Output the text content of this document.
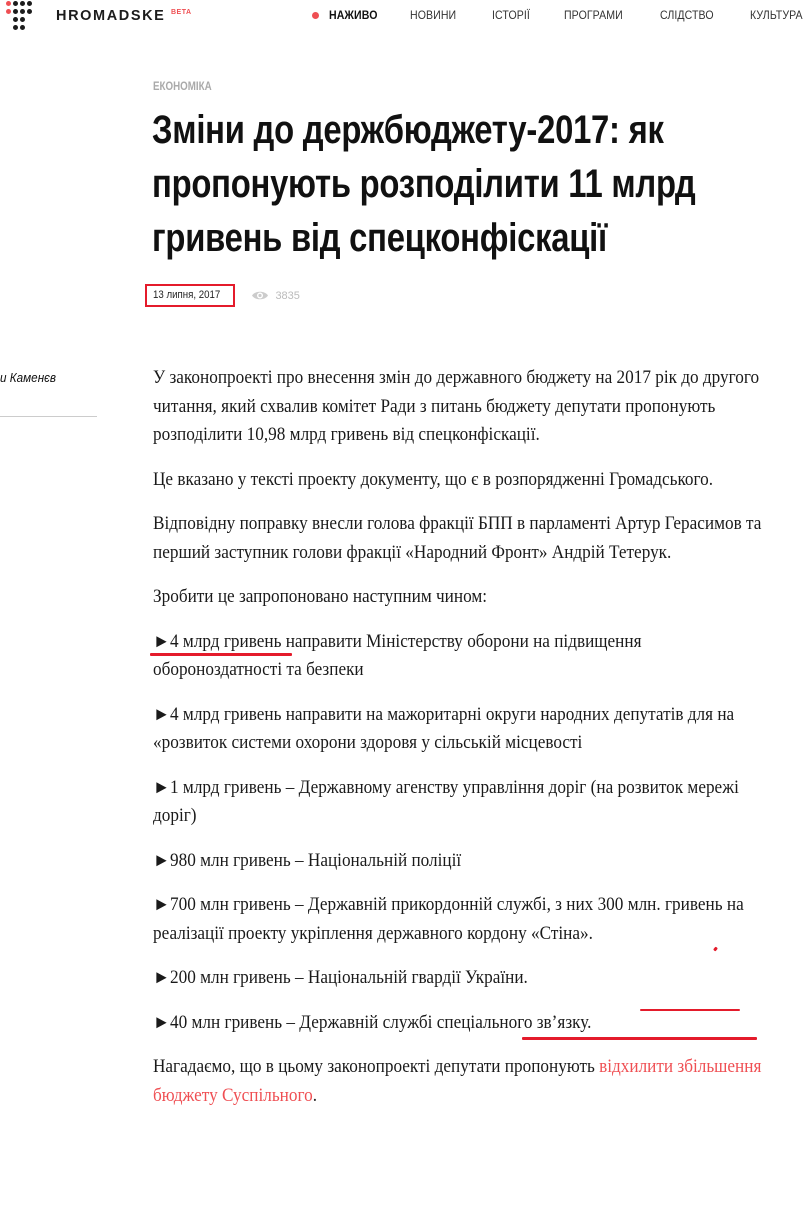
HROMADSKE BETA	НАЖИВО	НОВИНИ	ІСТОРІЇ	ПРОГРАМИ	СЛІДСТВО	КУЛЬТУРА
ЕКОНОМІКА
Зміни до держбюджету-2017: як пропонують розподілити 11 млрд гривень від спецконфіскації
13 липня, 2017	3835
и Каменєв	У законопроекті про внесення змін до державного бюджету на 2017 рік до другого читання, який схвалив комітет Ради з питань бюджету депутати пропонують розподілити 10,98 млрд гривень від спецконфіскації.

Це вказано у тексті проекту документу, що є в розпорядженні Громадського.

Відповідну поправку внесли голова фракції БПП в парламенті Артур Герасимов та перший заступник голови фракції «Народний Фронт» Андрій Тетерук.

Зробити це запропоновано наступним чином:

►4 млрд гривень направити Міністерству оборони на підвищення обороноздатності та безпеки

►4 млрд гривень направити на мажоритарні округи народних депутатів для на «розвиток системи охорони здоровя у сільській місцевості

►1 млрд гривень – Державному агенству управління доріг (на розвиток мережі доріг)

►980 млн гривень – Національній поліції

►700 млн гривень – Державній прикордонній службі, з них 300 млн. гривень на реалізації проекту укріплення державного кордону «Стіна».

►200 млн гривень – Національній гвардії України.

►40 млн гривень – Державній службі спеціального зв’язку.

Нагадаємо, що в цьому законопроекті депутати пропонують відхилити збільшення бюджету Суспільного.
